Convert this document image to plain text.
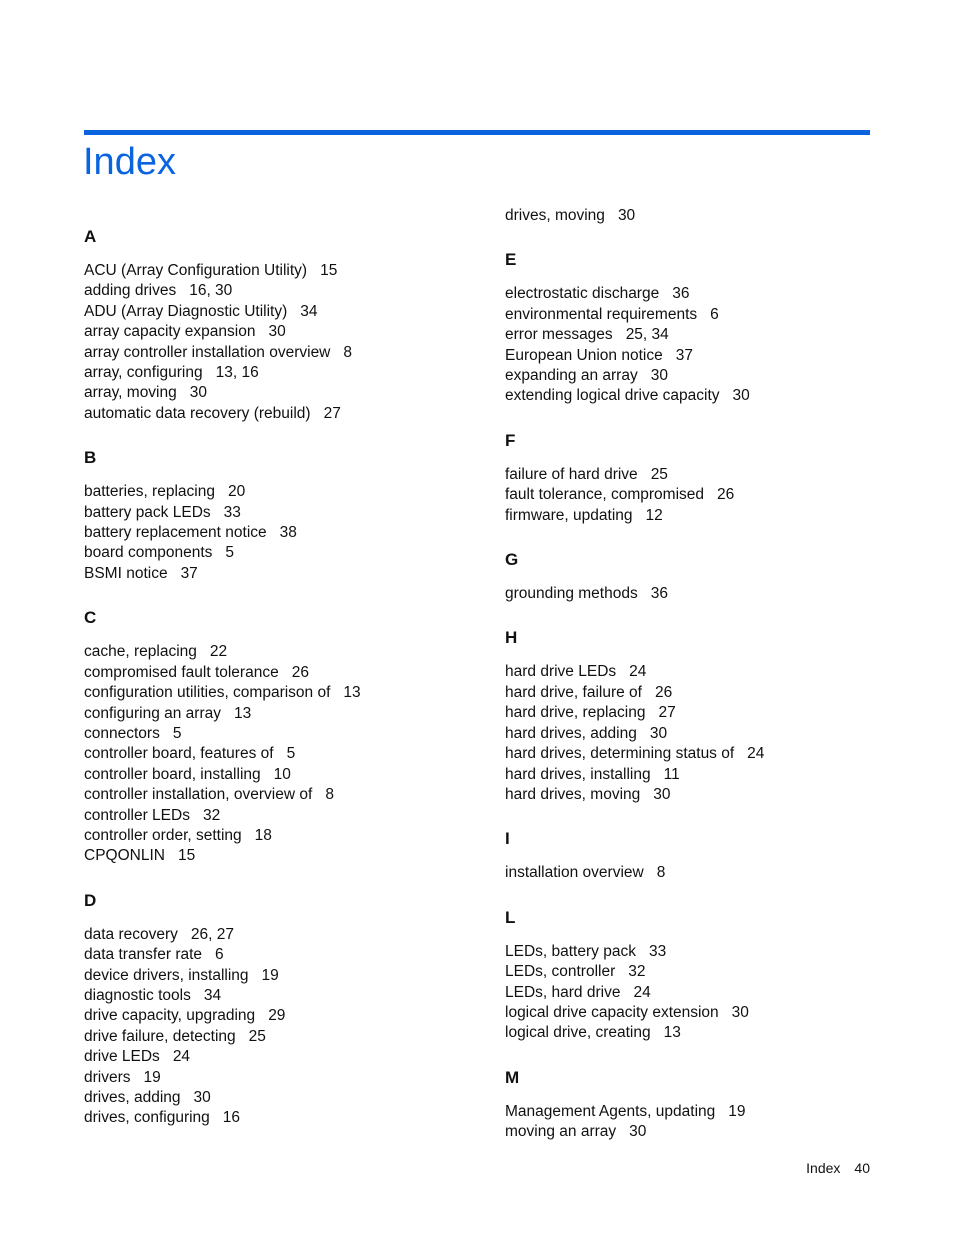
Index
A
ACU (Array Configuration Utility) 15
adding drives 16, 30
ADU (Array Diagnostic Utility) 34
array capacity expansion 30
array controller installation overview 8
array, configuring 13, 16
array, moving 30
automatic data recovery (rebuild) 27
B
batteries, replacing 20
battery pack LEDs 33
battery replacement notice 38
board components 5
BSMI notice 37
C
cache, replacing 22
compromised fault tolerance 26
configuration utilities, comparison of 13
configuring an array 13
connectors 5
controller board, features of 5
controller board, installing 10
controller installation, overview of 8
controller LEDs 32
controller order, setting 18
CPQONLIN 15
D
data recovery 26, 27
data transfer rate 6
device drivers, installing 19
diagnostic tools 34
drive capacity, upgrading 29
drive failure, detecting 25
drive LEDs 24
drivers 19
drives, adding 30
drives, configuring 16
drives, moving 30
E
electrostatic discharge 36
environmental requirements 6
error messages 25, 34
European Union notice 37
expanding an array 30
extending logical drive capacity 30
F
failure of hard drive 25
fault tolerance, compromised 26
firmware, updating 12
G
grounding methods 36
H
hard drive LEDs 24
hard drive, failure of 26
hard drive, replacing 27
hard drives, adding 30
hard drives, determining status of 24
hard drives, installing 11
hard drives, moving 30
I
installation overview 8
L
LEDs, battery pack 33
LEDs, controller 32
LEDs, hard drive 24
logical drive capacity extension 30
logical drive, creating 13
M
Management Agents, updating 19
moving an array 30
Index 40
